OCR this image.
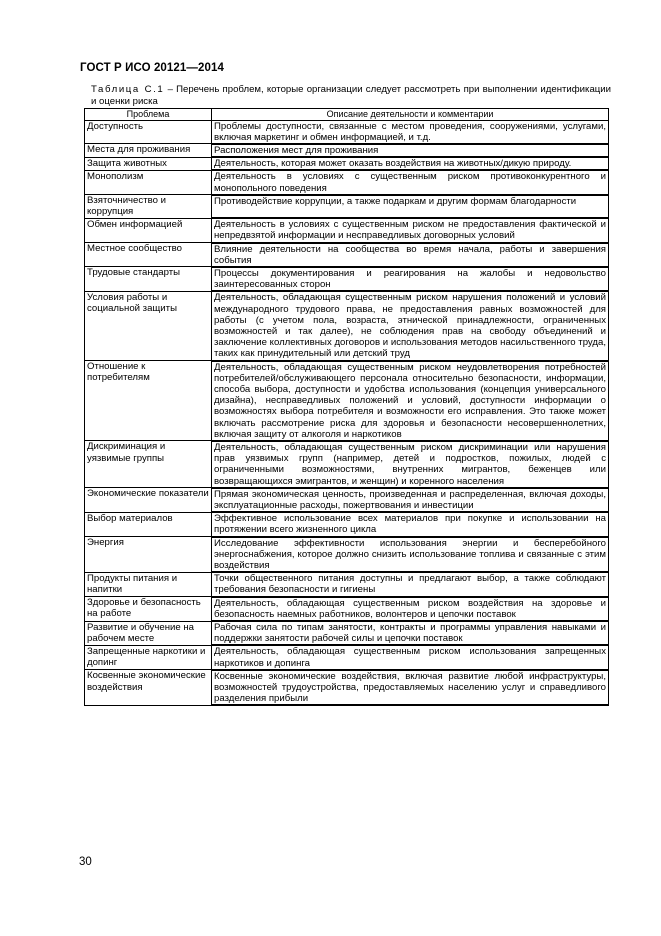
ГОСТ Р ИСО 20121—2014
Таблица С.1 – Перечень проблем, которые организации следует рассмотреть при выполнении идентификации и оценки риска
Проблема	Описание деятельности и комментарии
Доступность	Проблемы доступности, связанные с местом проведения, сооружениями, услугами, включая маркетинг и обмен информацией, и т.д.
Места для проживания	Расположения мест для проживания
Защита животных	Деятельность, которая может оказать воздействия на животных/дикую природу.
Монополизм	Деятельность в условиях с существенным риском противоконкурентного и монопольного поведения
Взяточничество и коррупция	Противодействие коррупции, а также подаркам и другим формам благодарности
Обмен информацией	Деятельность в условиях с существенным риском не предоставления фактической и непредвзятой информации и несправедливых договорных условий
Местное сообщество	Влияние деятельности на сообщества во время начала, работы и завершения события
Трудовые стандарты	Процессы документирования и реагирования на жалобы и недовольство заинтересованных сторон
Условия работы и социальной защиты	Деятельность, обладающая существенным риском нарушения положений и условий международного трудового права, не предоставления равных возможностей для работы (с учетом пола, возраста, этнической принадлежности, ограниченных возможностей и так далее), не соблюдения прав на свободу объединений и заключение коллективных договоров и использования методов насильственного труда, таких как принудительный или детский труд
Отношение к потребителям	Деятельность, обладающая существенным риском неудовлетворения потребностей потребителей/обслуживающего персонала относительно безопасности, информации, способа выбора, доступности и удобства использования (концепция универсального дизайна), несправедливых положений и условий, доступности информации о возможностях выбора потребителя и возможности его исправления. Это также может включать рассмотрение риска для здоровья и безопасности несовершеннолетних, включая защиту от алкоголя и наркотиков
Дискриминация и уязвимые группы	Деятельность, обладающая существенным риском дискриминации или нарушения прав уязвимых групп (например, детей и подростков, пожилых, людей с ограниченными возможностями, внутренних мигрантов, беженцев или возвращающихся эмигрантов, и женщин) и коренного населения
Экономические показатели	Прямая экономическая ценность, произведенная и распределенная, включая доходы, эксплуатационные расходы, пожертвования и инвестиции
Выбор материалов	Эффективное использование всех материалов при покупке и использовании на протяжении всего жизненного цикла
Энергия	Исследование эффективности использования энергии и бесперебойного энергоснабжения, которое должно снизить использование топлива и связанные с этим воздействия
Продукты питания и напитки	Точки общественного питания доступны и предлагают выбор, а также соблюдают требования безопасности и гигиены
Здоровье и безопасность на работе	Деятельность, обладающая существенным риском воздействия на здоровье и безопасность наемных работников, волонтеров и цепочки поставок
Развитие и обучение на рабочем месте	Рабочая сила по типам занятости, контракты и программы управления навыками и поддержки занятости рабочей силы и цепочки поставок
Запрещенные наркотики и допинг	Деятельность, обладающая существенным риском использования запрещенных наркотиков и допинга
Косвенные экономические воздействия	Косвенные экономические воздействия, включая развитие любой инфраструктуры, возможностей трудоустройства, предоставляемых населению услуг и справедливого разделения прибыли
30
